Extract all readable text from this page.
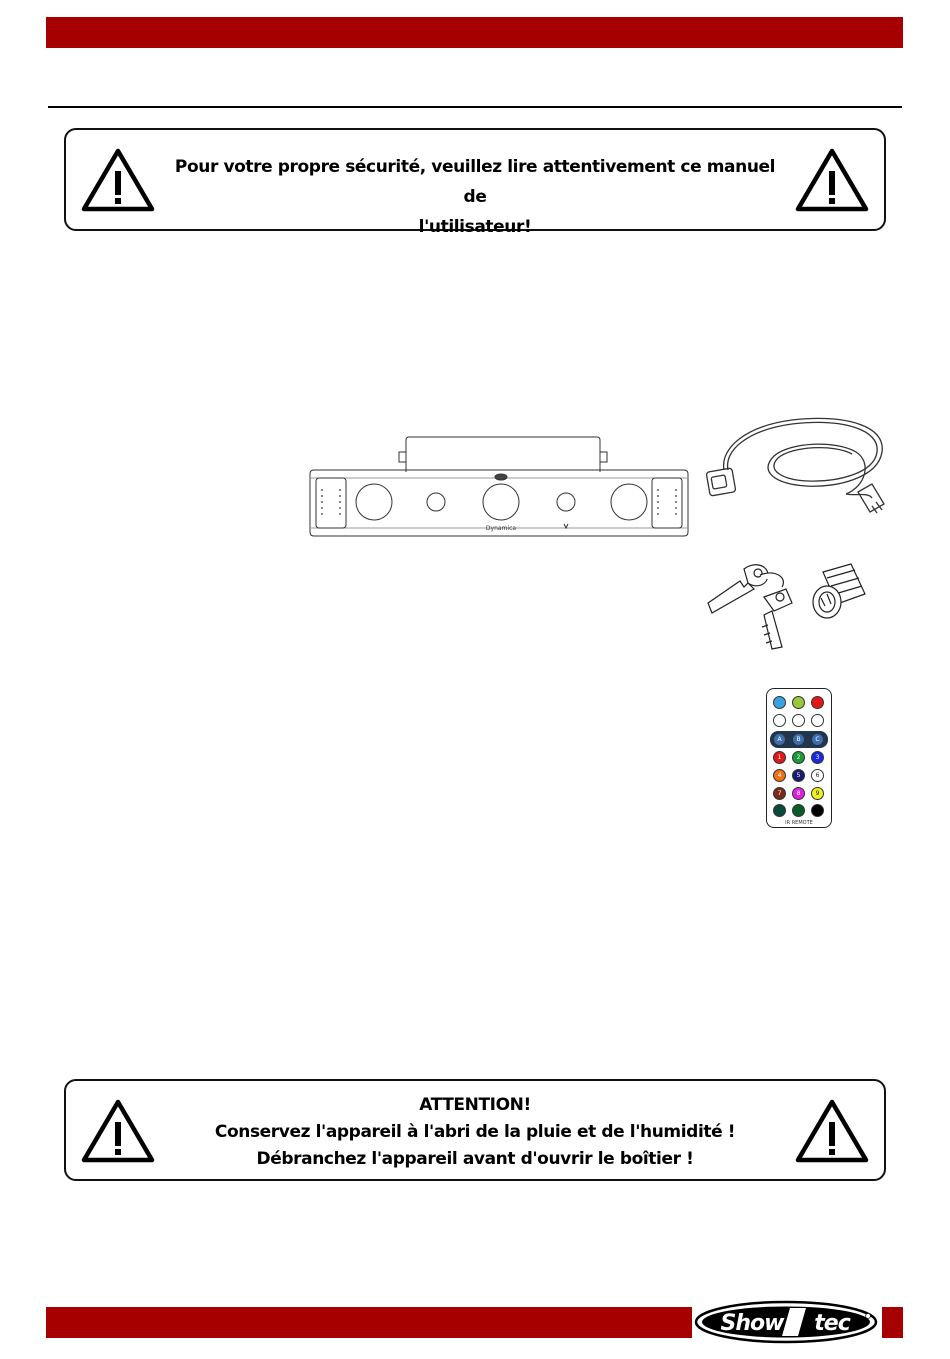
Pour votre propre sécurité, veuillez lire attentivement ce manuel de
l'utilisateur!
Dynamica
A	B	C
1	2	3
4	5	6
7	8	9
IR REMOTE
ATTENTION!
Conservez l'appareil à l'abri de la pluie et de l'humidité !
Débranchez l'appareil avant d'ouvrir le boîtier !
Show tec
